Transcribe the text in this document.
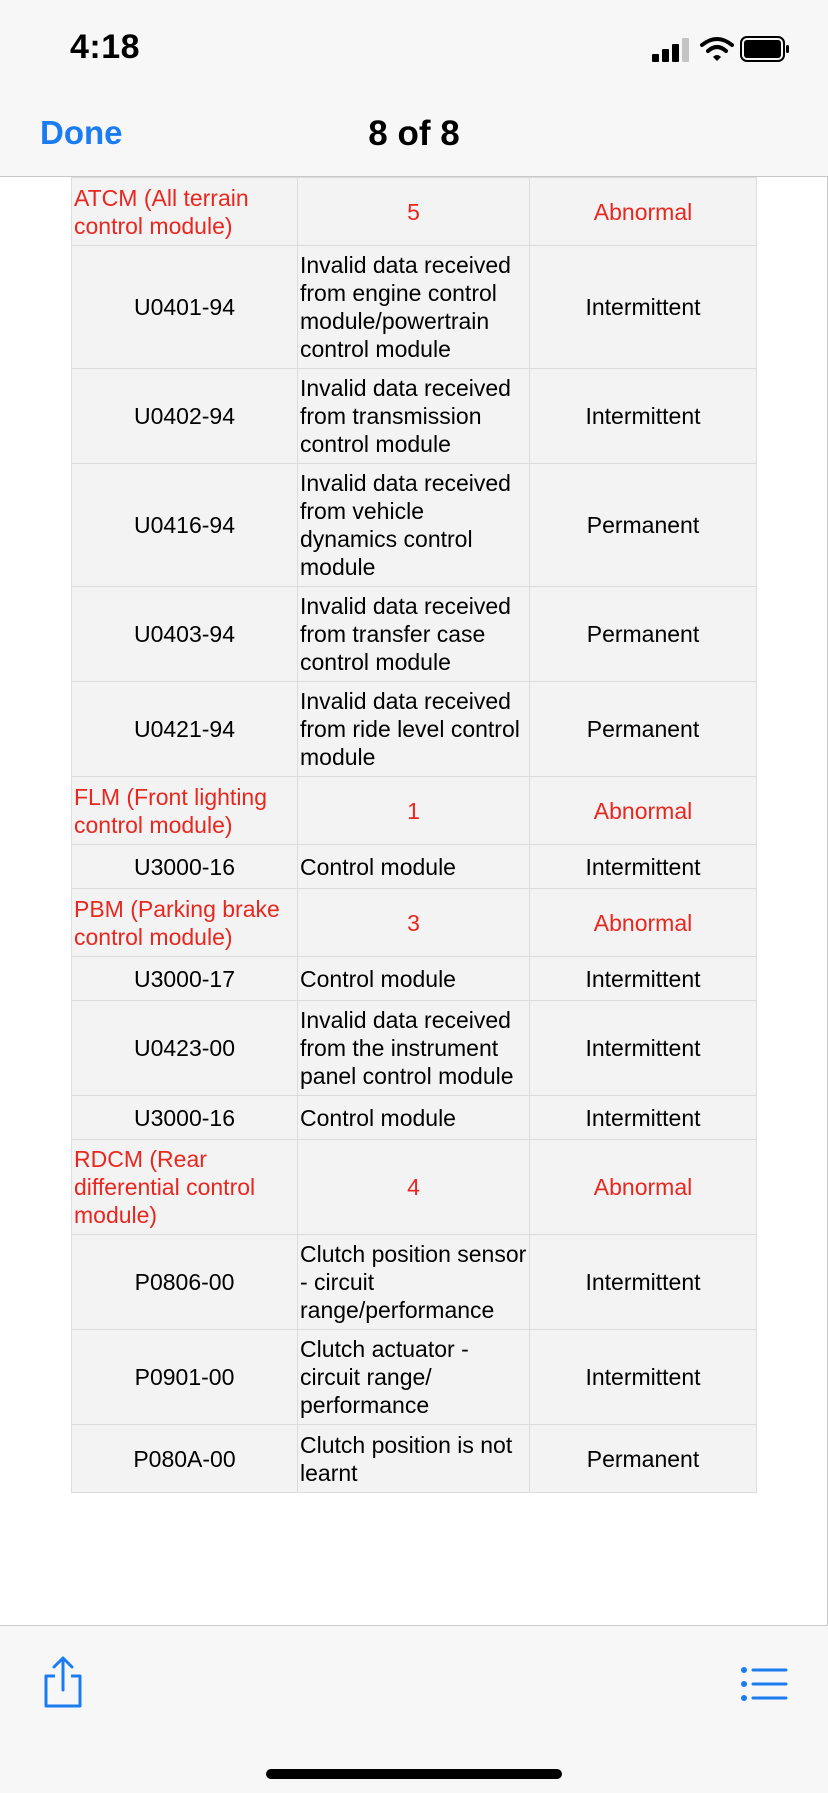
4:18
Done	8 of 8
ATCM (All terrain control module)	5	Abnormal
U0401-94	Invalid data received from engine control module/powertrain control module	Intermittent
U0402-94	Invalid data received from transmission control module	Intermittent
U0416-94	Invalid data received from vehicle dynamics control module	Permanent
U0403-94	Invalid data received from transfer case control module	Permanent
U0421-94	Invalid data received from ride level control module	Permanent
FLM (Front lighting control module)	1	Abnormal
U3000-16	Control module	Intermittent
PBM (Parking brake control module)	3	Abnormal
U3000-17	Control module	Intermittent
U0423-00	Invalid data received from the instrument panel control module	Intermittent
U3000-16	Control module	Intermittent
RDCM (Rear differential control module)	4	Abnormal
P0806-00	Clutch position sensor - circuit range/performance	Intermittent
P0901-00	Clutch actuator - circuit range/ performance	Intermittent
P080A-00	Clutch position is not learnt	Permanent
